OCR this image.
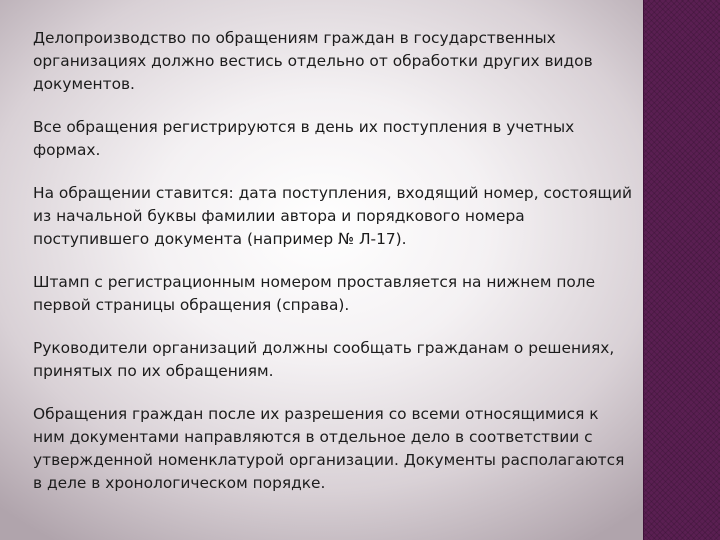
Делопроизводство по обращениям граждан в государственных организациях должно вестись отдельно от обработки других видов документов.

Все обращения регистрируются в день их поступления в учетных формах.

На обращении ставится: дата поступления, входящий номер, состоящий из начальной буквы фамилии автора и порядкового номера поступившего документа (например № Л-17).

Штамп с регистрационным номером проставляется на нижнем поле первой страницы обращения (справа).

Руководители организаций должны сообщать гражданам о решениях, принятых по их обращениям.

Обращения граждан после их разрешения со всеми относящимися к ним документами направляются в отдельное дело в соответствии с утвержденной номенклатурой организации. Документы располагаются в деле в хронологическом порядке.
